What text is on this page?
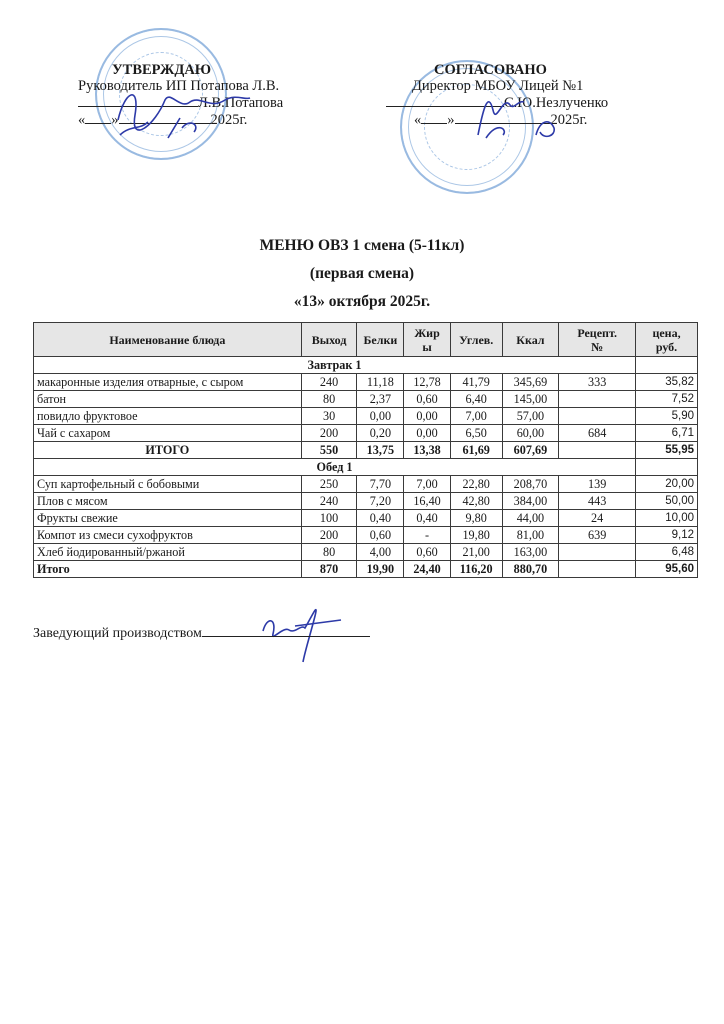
УТВЕРЖДАЮ
Руководитель ИП Потапова Л.В.
Л.В.Потапова
« »	2025г.
СОГЛАСОВАНО
Директор МБОУ Лицей №1
С.Ю.Незлученко
« »	2025г.
МЕНЮ ОВЗ 1 смена (5-11кл)
(первая смена)
«13» октября 2025г.
Наименование блюда	Выход	Белки	Жир ы	Углев.	Ккал	Рецепт. №	цена, руб.
Завтрак 1							
макаронные изделия отварные, с сыром	240	11,18	12,78	41,79	345,69	333	35,82
батон	80	2,37	0,60	6,40	145,00		7,52
повидло фруктовое	30	0,00	0,00	7,00	57,00		5,90
Чай с сахаром	200	0,20	0,00	6,50	60,00	684	6,71
ИТОГО	550	13,75	13,38	61,69	607,69		55,95
Обед 1							
Суп картофельный с бобовыми	250	7,70	7,00	22,80	208,70	139	20,00
Плов с мясом	240	7,20	16,40	42,80	384,00	443	50,00
Фрукты свежие	100	0,40	0,40	9,80	44,00	24	10,00
Компот из смеси сухофруктов	200	0,60	-	19,80	81,00	639	9,12
Хлеб йодированный/ржаной	80	4,00	0,60	21,00	163,00		6,48
Итого	870	19,90	24,40	116,20	880,70		95,60
Заведующий производством
